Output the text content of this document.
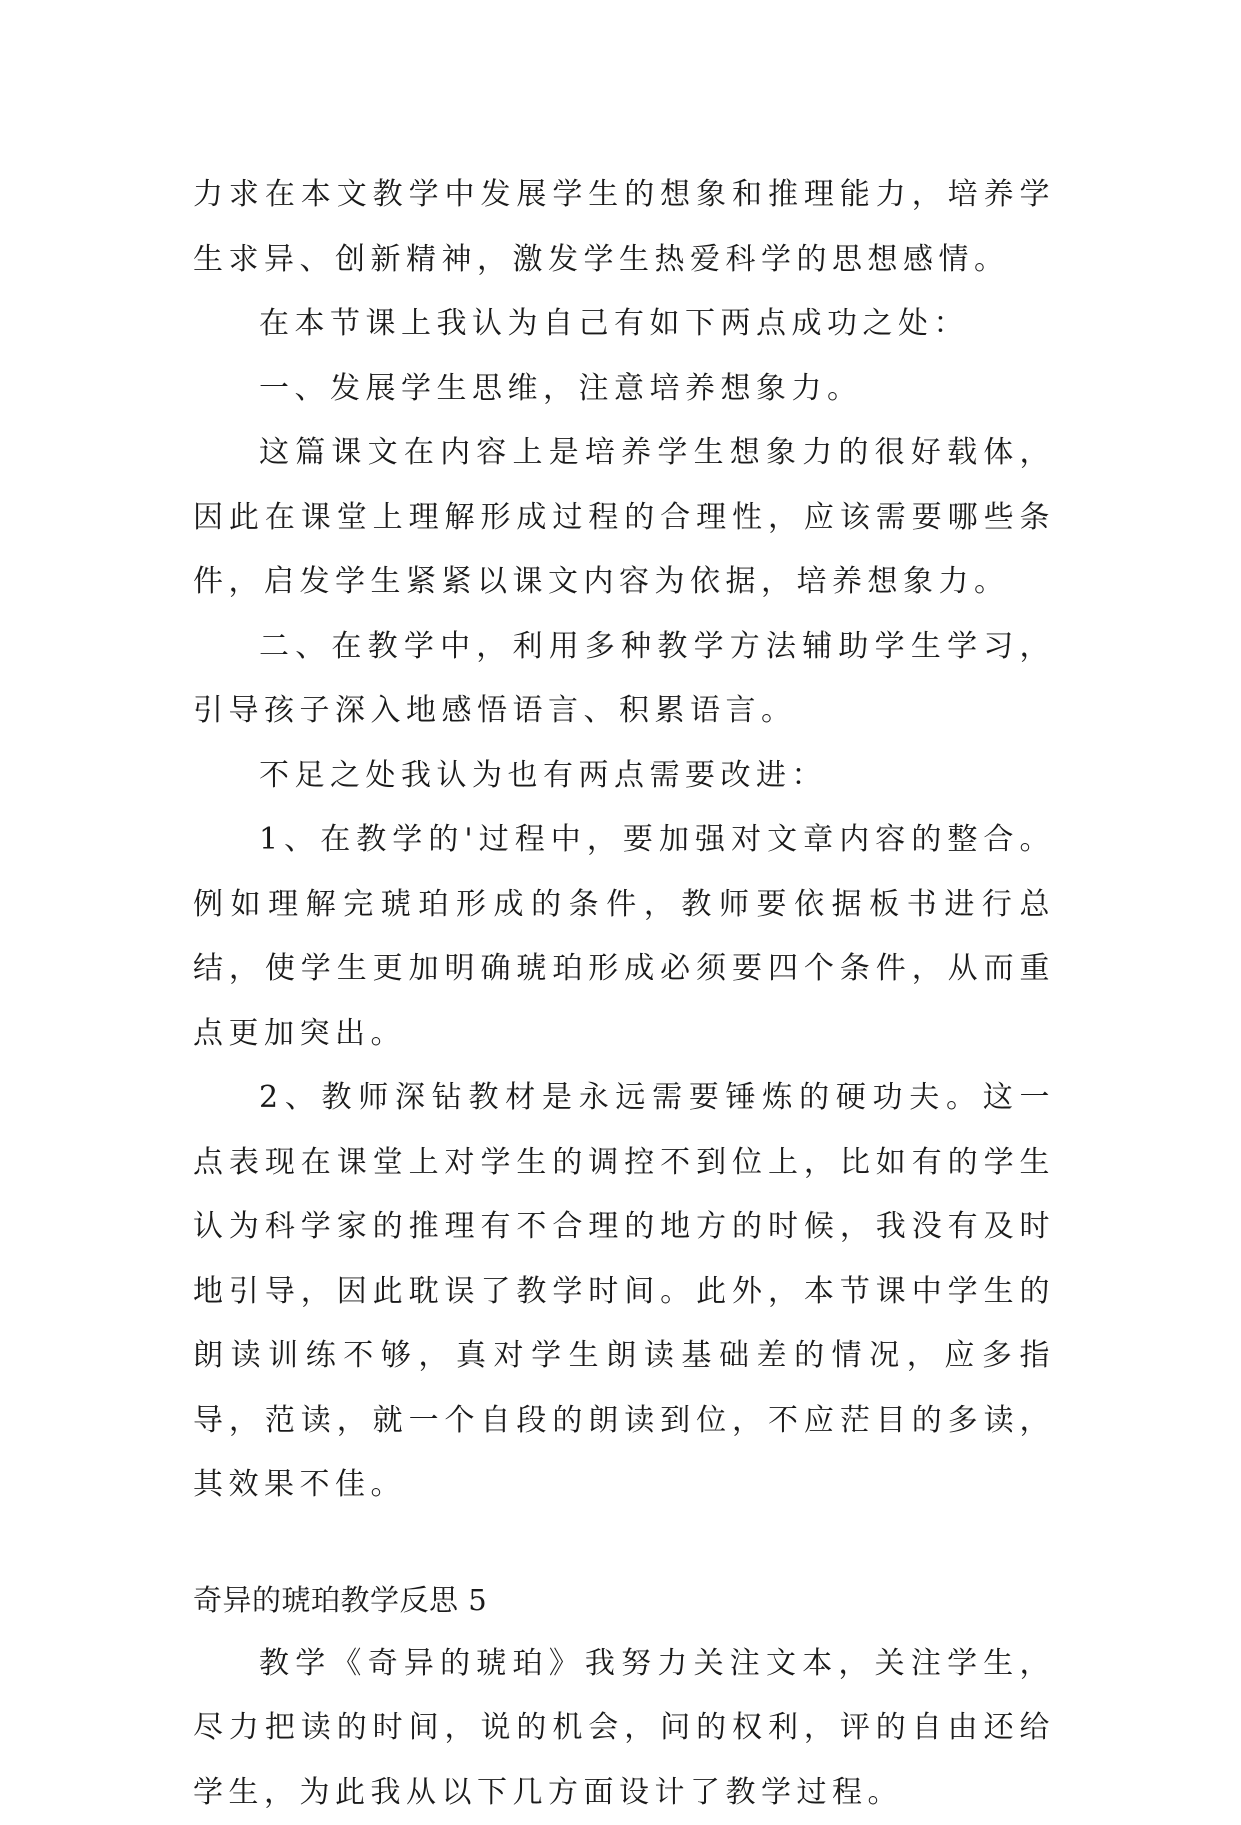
力求在本文教学中发展学生的想象和推理能力，培养学生求异、创新精神，激发学生热爱科学的思想感情。

在本节课上我认为自己有如下两点成功之处：

一、发展学生思维，注意培养想象力。

这篇课文在内容上是培养学生想象力的很好载体，因此在课堂上理解形成过程的合理性，应该需要哪些条件，启发学生紧紧以课文内容为依据，培养想象力。

二、在教学中，利用多种教学方法辅助学生学习，引导孩子深入地感悟语言、积累语言。

不足之处我认为也有两点需要改进：

1、在教学的'过程中，要加强对文章内容的整合。例如理解完琥珀形成的条件，教师要依据板书进行总结，使学生更加明确琥珀形成必须要四个条件，从而重点更加突出。

2、教师深钻教材是永远需要锤炼的硬功夫。这一点表现在课堂上对学生的调控不到位上，比如有的学生认为科学家的推理有不合理的地方的时候，我没有及时地引导，因此耽误了教学时间。此外，本节课中学生的朗读训练不够，真对学生朗读基础差的情况，应多指导，范读，就一个自段的朗读到位，不应茫目的多读，其效果不佳。

奇异的琥珀教学反思 5

教学《奇异的琥珀》我努力关注文本，关注学生，尽力把读的时间，说的机会，问的权利，评的自由还给学生，为此我从以下几方面设计了教学过程。
